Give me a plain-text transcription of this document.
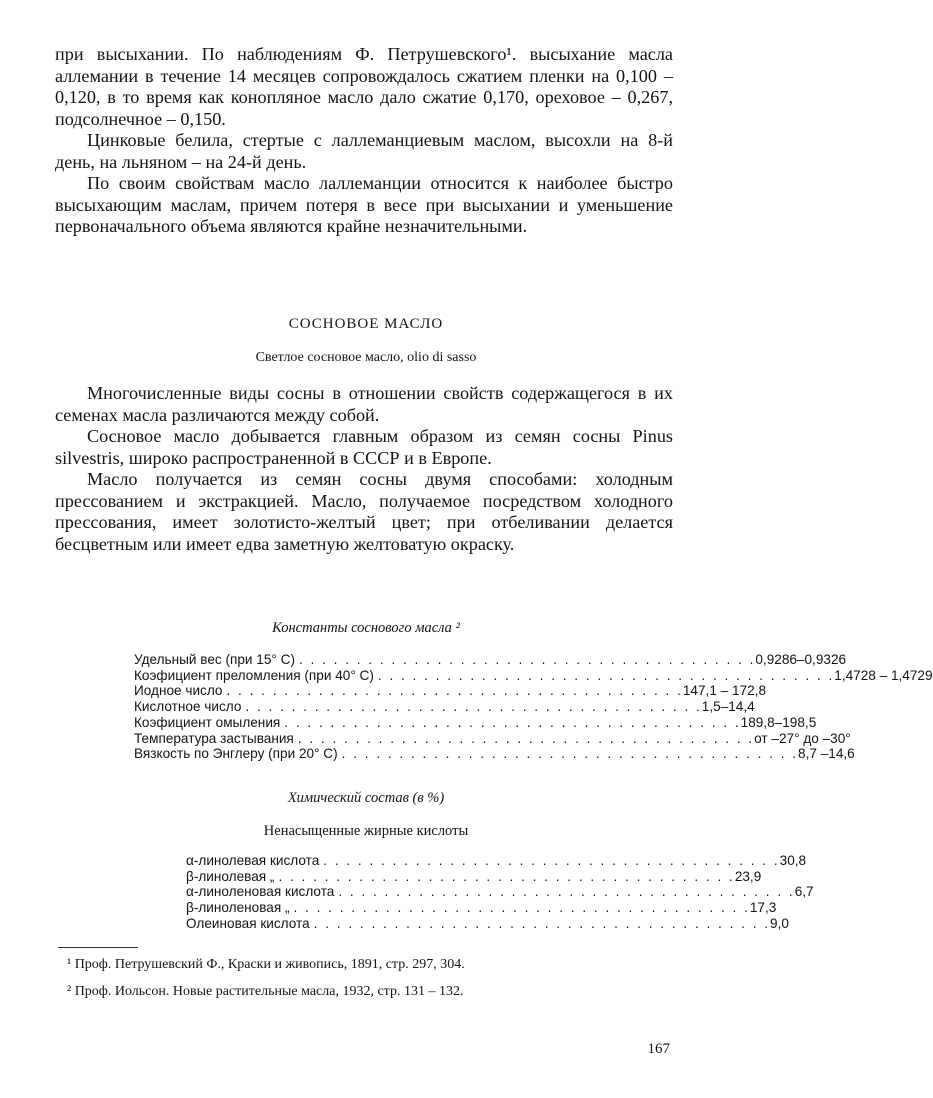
при высыхании. По наблюдениям Ф. Петрушевского¹. высыхание масла аллемании в течение 14 месяцев сопровождалось сжатием пленки на 0,100 – 0,120, в то время как конопляное масло дало сжатие 0,170, ореховое – 0,267, подсолнечное – 0,150.

Цинковые белила, стертые с лаллеманциевым маслом, высохли на 8-й день, на льняном – на 24-й день.

По своим свойствам масло лаллеманции относится к наиболее быстро высыхающим маслам, причем потеря в весе при высыхании и уменьшение первоначального объема являются крайне незначительными.

СОСНОВОЕ МАСЛО
Светлое сосновое масло, olio di sasso

Многочисленные виды сосны в отношении свойств содержащегося в их семенах масла различаются между собой.

Сосновое масло добывается главным образом из семян сосны Pinus silvestris, широко распространенной в СССР и в Европе.

Масло получается из семян сосны двумя способами: холодным прессованием и экстракцией. Масло, получаемое посредством холодного прессования, имеет золотисто-желтый цвет; при отбеливании делается бесцветным или имеет едва заметную желтоватую окраску.

Константы соснового масла ²
Удельный вес (при 15° С) . . . . . . . . . . . . . . . . . . . . . . . . . . . . . . . . . . . . . . . . 0,9286–0,9326
Коэфициент преломления (при 40° С) . . . . . . . . . . . . . . . . . . . . . . . . . . . . . . . . . . . . . . . . 1,4728 – 1,4729
Иодное число . . . . . . . . . . . . . . . . . . . . . . . . . . . . . . . . . . . . . . . . 147,1 – 172,8
Кислотное число . . . . . . . . . . . . . . . . . . . . . . . . . . . . . . . . . . . . . . . . 1,5–14,4
Коэфициент омыления . . . . . . . . . . . . . . . . . . . . . . . . . . . . . . . . . . . . . . . . 189,8–198,5
Температура застывания . . . . . . . . . . . . . . . . . . . . . . . . . . . . . . . . . . . . . . . . от –27° до –30°
Вязкость по Энглеру (при 20° С) . . . . . . . . . . . . . . . . . . . . . . . . . . . . . . . . . . . . . . . . 8,7 –14,6
Химический состав (в %)
Ненасыщенные жирные кислоты
α-линолевая кислота . . . . . . . . . . . . . . . . . . . . . . . . . . . . . . . . . . . . . . . . 30,8
β-линолевая „ . . . . . . . . . . . . . . . . . . . . . . . . . . . . . . . . . . . . . . . . 23,9
α-линоленовая кислота . . . . . . . . . . . . . . . . . . . . . . . . . . . . . . . . . . . . . . . . 6,7
β-линоленовая „ . . . . . . . . . . . . . . . . . . . . . . . . . . . . . . . . . . . . . . . . 17,3
Олеиновая кислота . . . . . . . . . . . . . . . . . . . . . . . . . . . . . . . . . . . . . . . . 9,0

¹ Проф. Петрушевский Ф., Краски и живопись, 1891, стр. 297, 304.

² Проф. Иольсон. Новые растительные масла, 1932, стр. 131 – 132.

167
